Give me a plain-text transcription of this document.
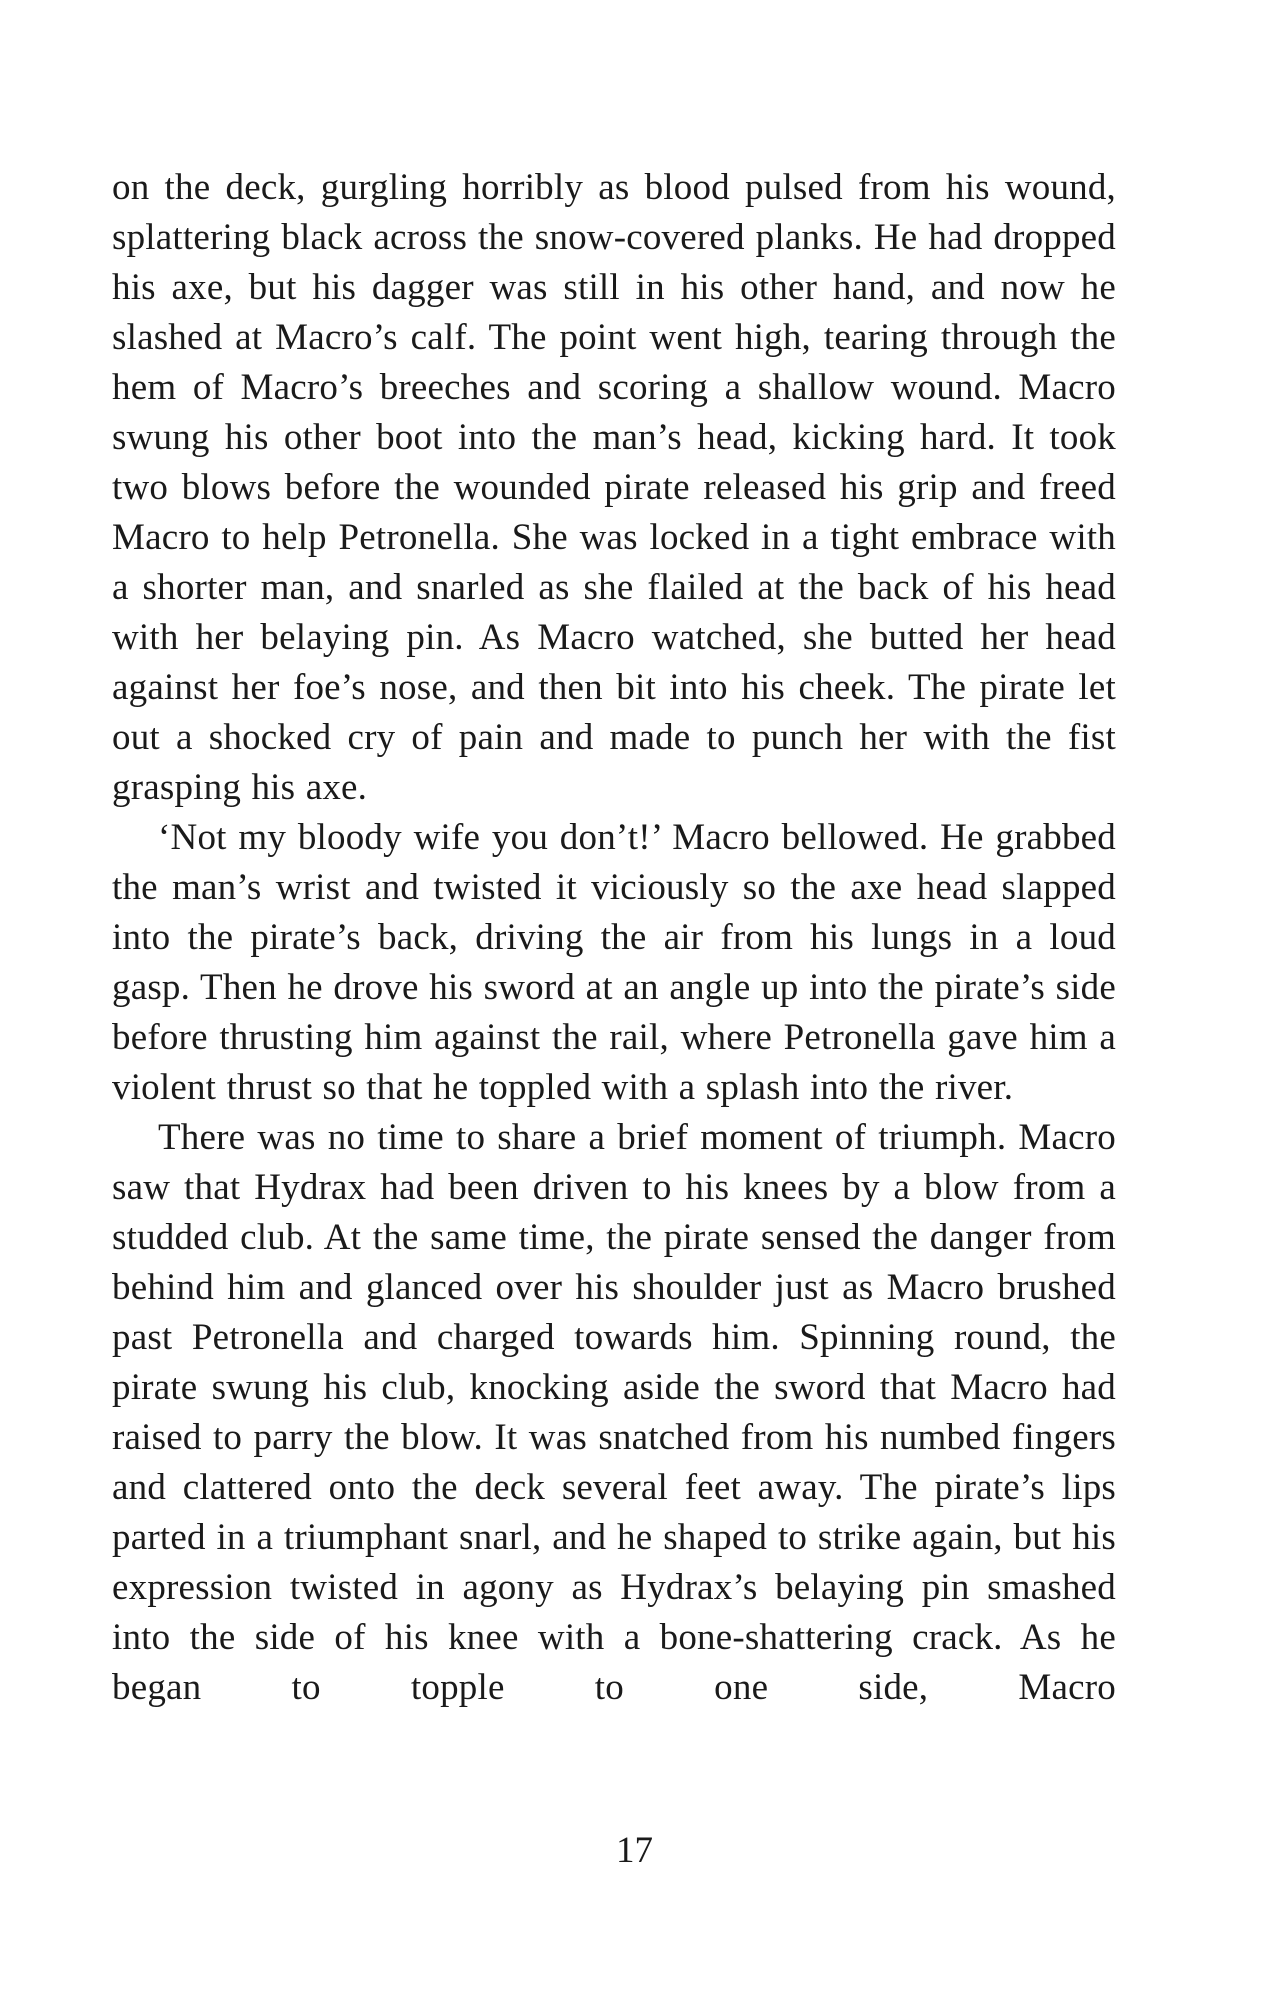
on the deck, gurgling horribly as blood pulsed from his wound, splattering black across the snow-covered planks. He had dropped his axe, but his dagger was still in his other hand, and now he slashed at Macro’s calf. The point went high, tearing through the hem of Macro’s breeches and scoring a shallow wound. Macro swung his other boot into the man’s head, kicking hard. It took two blows before the wounded pirate released his grip and freed Macro to help Petronella. She was locked in a tight embrace with a shorter man, and snarled as she flailed at the back of his head with her belaying pin. As Macro watched, she butted her head against her foe’s nose, and then bit into his cheek. The pirate let out a shocked cry of pain and made to punch her with the fist grasping his axe.

‘Not my bloody wife you don’t!’ Macro bellowed. He grabbed the man’s wrist and twisted it viciously so the axe head slapped into the pirate’s back, driving the air from his lungs in a loud gasp. Then he drove his sword at an angle up into the pirate’s side before thrusting him against the rail, where Petronella gave him a violent thrust so that he toppled with a splash into the river.

There was no time to share a brief moment of triumph. Macro saw that Hydrax had been driven to his knees by a blow from a studded club. At the same time, the pirate sensed the danger from behind him and glanced over his shoulder just as Macro brushed past Petronella and charged towards him. Spinning round, the pirate swung his club, knocking aside the sword that Macro had raised to parry the blow. It was snatched from his numbed fingers and clattered onto the deck several feet away. The pirate’s lips parted in a triumphant snarl, and he shaped to strike again, but his expression twisted in agony as Hydrax’s belaying pin smashed into the side of his knee with a bone-shattering crack. As he began to topple to one side, Macro

17
